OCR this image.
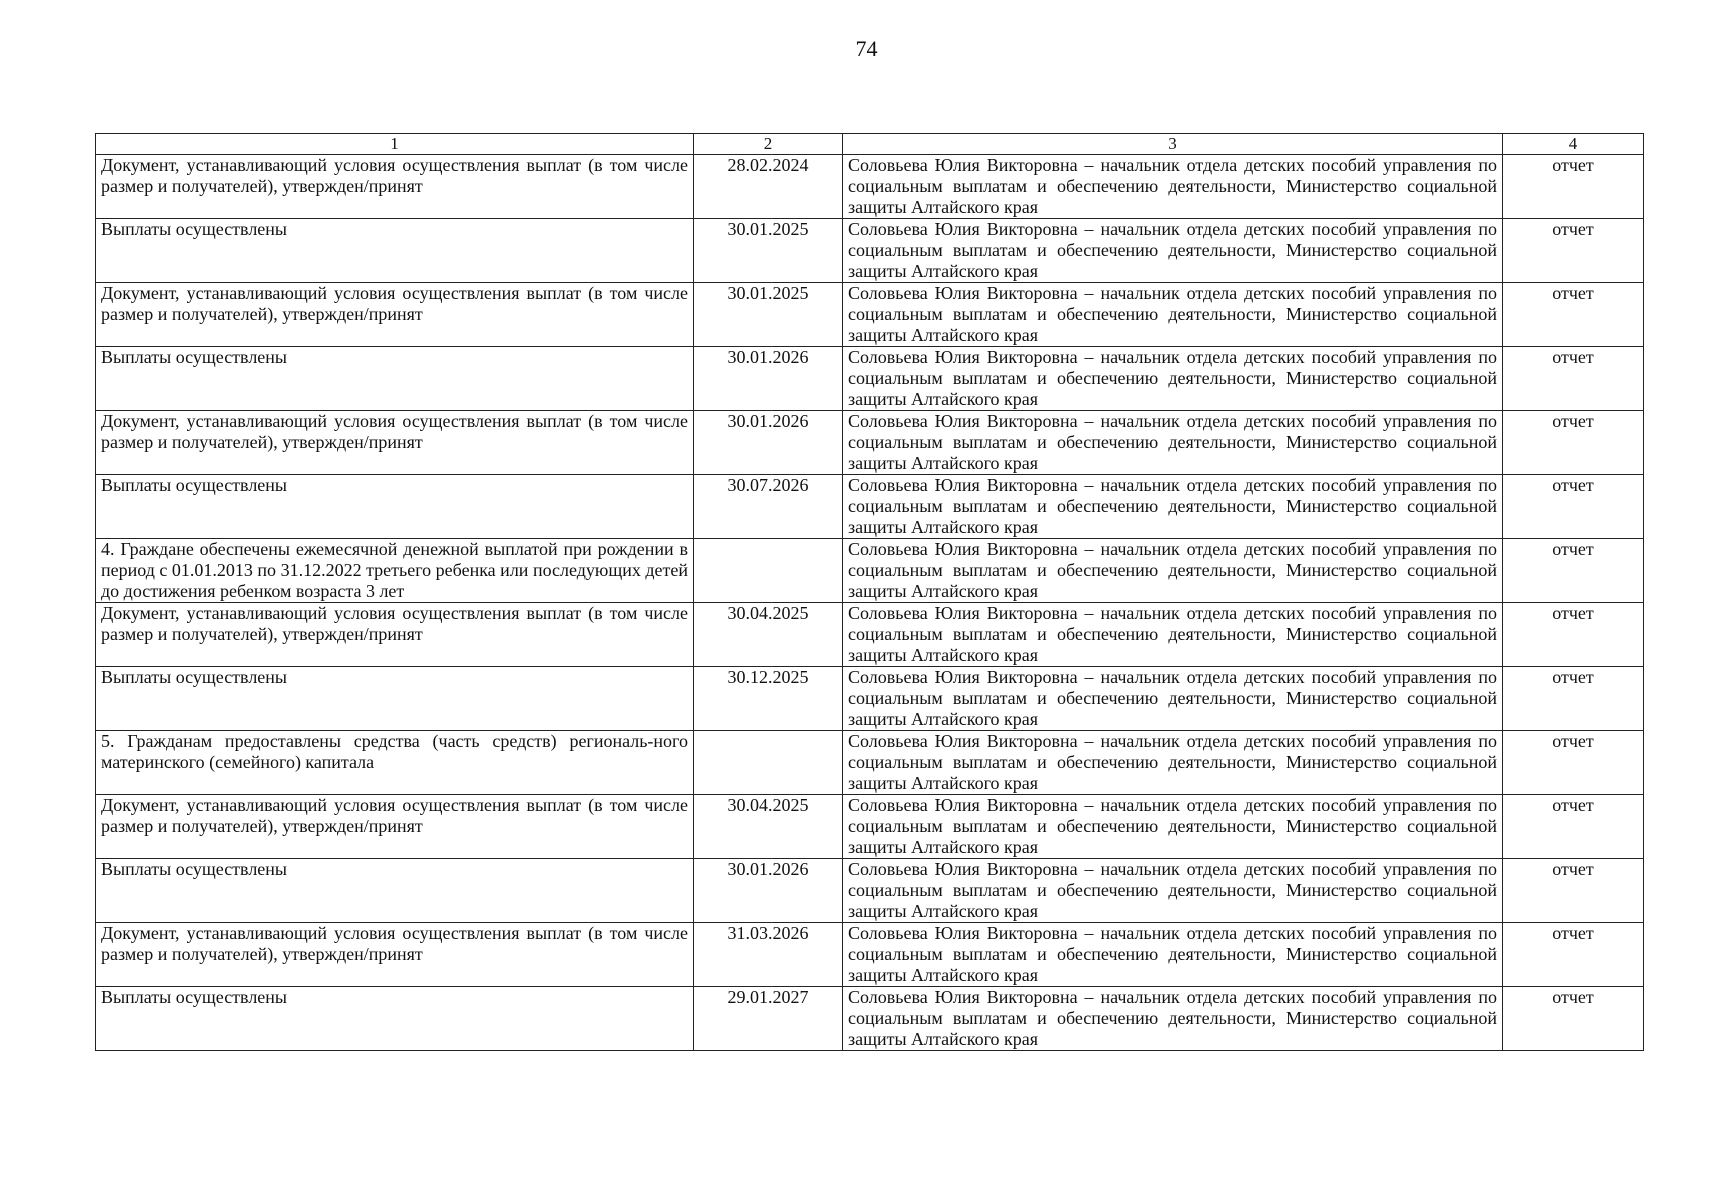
74
1	2	3	4
Документ, устанавливающий условия осуществления выплат (в том числе размер и получателей), утвержден/принят	28.02.2024	Соловьева Юлия Викторовна – начальник отдела детских пособий управления по социальным выплатам и обеспечению деятельности, Министерство социальной защиты Алтайского края	отчет
Выплаты осуществлены	30.01.2025	Соловьева Юлия Викторовна – начальник отдела детских пособий управления по социальным выплатам и обеспечению деятельности, Министерство социальной защиты Алтайского края	отчет
Документ, устанавливающий условия осуществления выплат (в том числе размер и получателей), утвержден/принят	30.01.2025	Соловьева Юлия Викторовна – начальник отдела детских пособий управления по социальным выплатам и обеспечению деятельности, Министерство социальной защиты Алтайского края	отчет
Выплаты осуществлены	30.01.2026	Соловьева Юлия Викторовна – начальник отдела детских пособий управления по социальным выплатам и обеспечению деятельности, Министерство социальной защиты Алтайского края	отчет
Документ, устанавливающий условия осуществления выплат (в том числе размер и получателей), утвержден/принят	30.01.2026	Соловьева Юлия Викторовна – начальник отдела детских пособий управления по социальным выплатам и обеспечению деятельности, Министерство социальной защиты Алтайского края	отчет
Выплаты осуществлены	30.07.2026	Соловьева Юлия Викторовна – начальник отдела детских пособий управления по социальным выплатам и обеспечению деятельности, Министерство социальной защиты Алтайского края	отчет
4. Граждане обеспечены ежемесячной денежной выплатой при рождении в период с 01.01.2013 по 31.12.2022 третьего ребенка или последующих детей до достижения ребенком возраста 3 лет		Соловьева Юлия Викторовна – начальник отдела детских пособий управления по социальным выплатам и обеспечению деятельности, Министерство социальной защиты Алтайского края	отчет
Документ, устанавливающий условия осуществления выплат (в том числе размер и получателей), утвержден/принят	30.04.2025	Соловьева Юлия Викторовна – начальник отдела детских пособий управления по социальным выплатам и обеспечению деятельности, Министерство социальной защиты Алтайского края	отчет
Выплаты осуществлены	30.12.2025	Соловьева Юлия Викторовна – начальник отдела детских пособий управления по социальным выплатам и обеспечению деятельности, Министерство социальной защиты Алтайского края	отчет
5. Гражданам предоставлены средства (часть средств) региональ-ного материнского (семейного) капитала		Соловьева Юлия Викторовна – начальник отдела детских пособий управления по социальным выплатам и обеспечению деятельности, Министерство социальной защиты Алтайского края	отчет
Документ, устанавливающий условия осуществления выплат (в том числе размер и получателей), утвержден/принят	30.04.2025	Соловьева Юлия Викторовна – начальник отдела детских пособий управления по социальным выплатам и обеспечению деятельности, Министерство социальной защиты Алтайского края	отчет
Выплаты осуществлены	30.01.2026	Соловьева Юлия Викторовна – начальник отдела детских пособий управления по социальным выплатам и обеспечению деятельности, Министерство социальной защиты Алтайского края	отчет
Документ, устанавливающий условия осуществления выплат (в том числе размер и получателей), утвержден/принят	31.03.2026	Соловьева Юлия Викторовна – начальник отдела детских пособий управления по социальным выплатам и обеспечению деятельности, Министерство социальной защиты Алтайского края	отчет
Выплаты осуществлены	29.01.2027	Соловьева Юлия Викторовна – начальник отдела детских пособий управления по социальным выплатам и обеспечению деятельности, Министерство социальной защиты Алтайского края	отчет
